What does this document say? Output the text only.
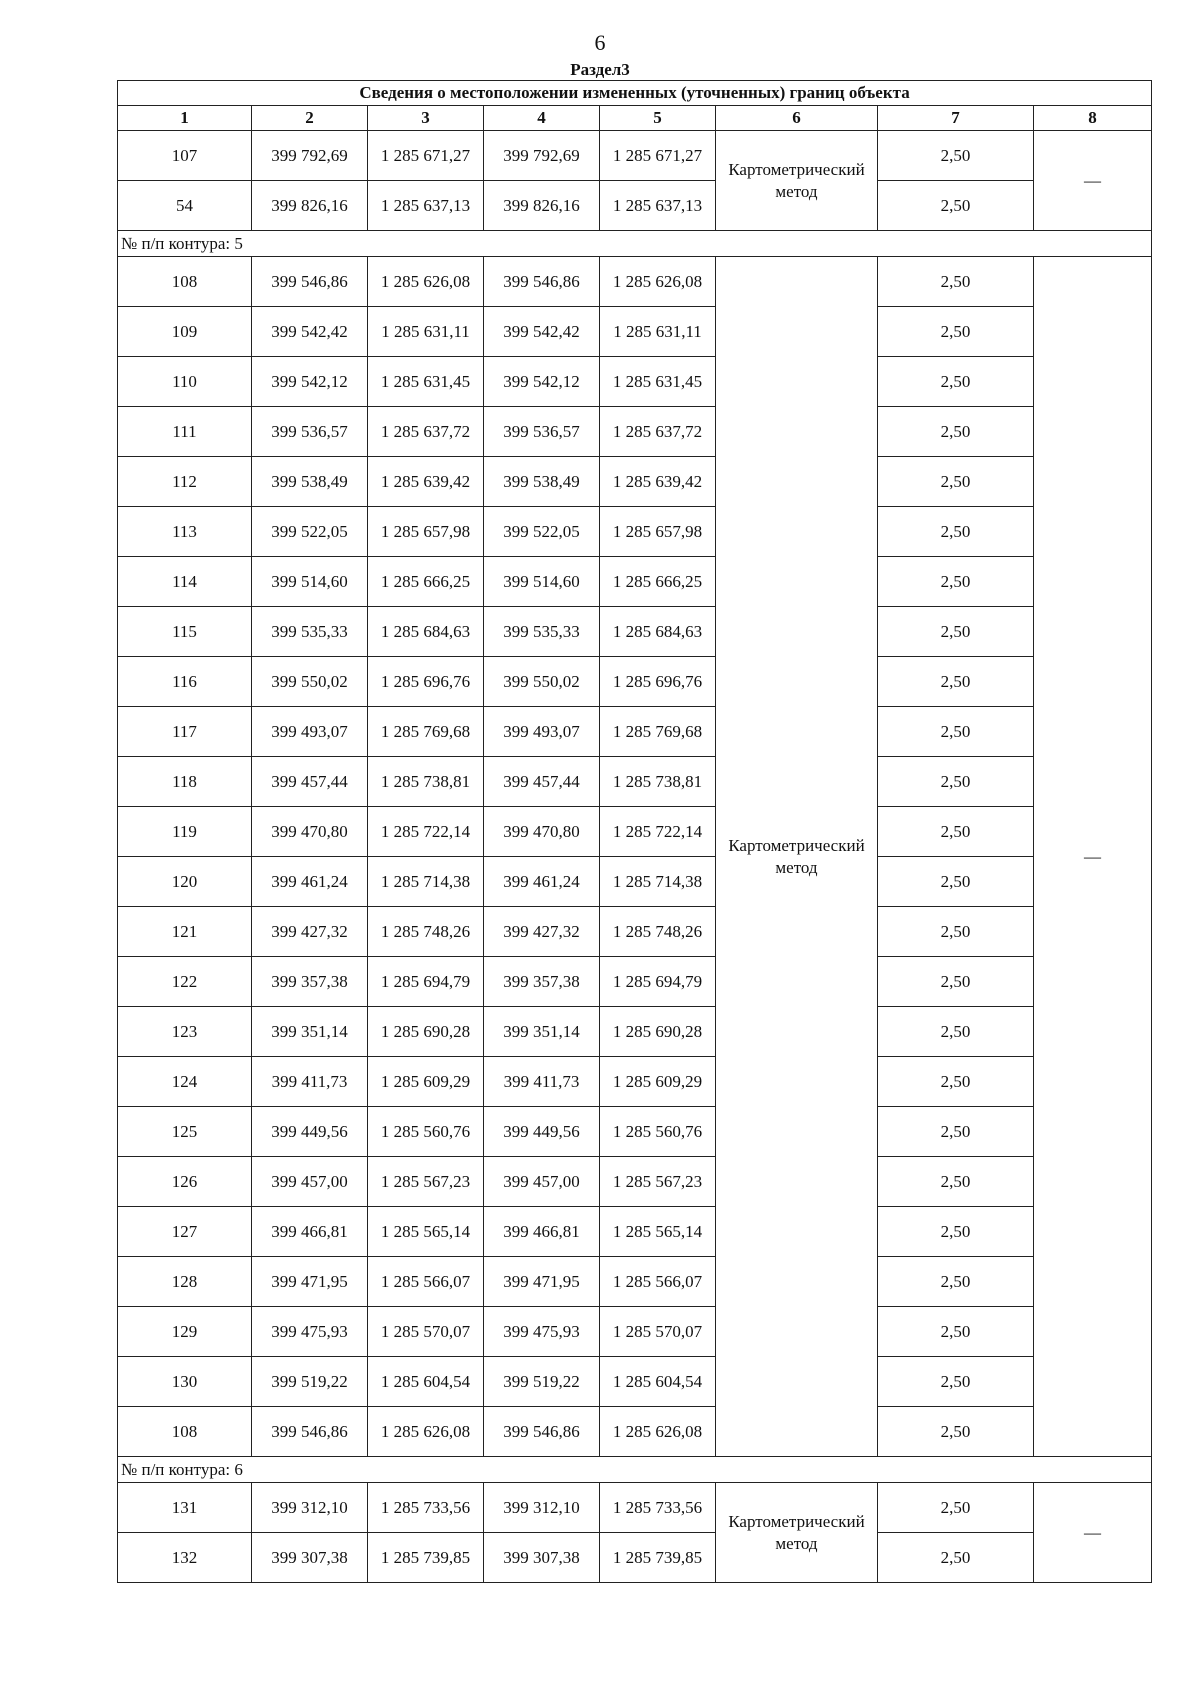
6
Раздел3
Сведения о местоположении измененных (уточненных) границ объекта							
1	2	3	4	5	6	7	8
107	399 792,69	1 285 671,27	399 792,69	1 285 671,27	Картометрический метод	2,50	—
54	399 826,16	1 285 637,13	399 826,16	1 285 637,13		2,50	
№ п/п контура: 5							
108	399 546,86	1 285 626,08	399 546,86	1 285 626,08	Картометрический метод	2,50	—
109	399 542,42	1 285 631,11	399 542,42	1 285 631,11		2,50	
110	399 542,12	1 285 631,45	399 542,12	1 285 631,45		2,50	
111	399 536,57	1 285 637,72	399 536,57	1 285 637,72		2,50	
112	399 538,49	1 285 639,42	399 538,49	1 285 639,42		2,50	
113	399 522,05	1 285 657,98	399 522,05	1 285 657,98		2,50	
114	399 514,60	1 285 666,25	399 514,60	1 285 666,25		2,50	
115	399 535,33	1 285 684,63	399 535,33	1 285 684,63		2,50	
116	399 550,02	1 285 696,76	399 550,02	1 285 696,76		2,50	
117	399 493,07	1 285 769,68	399 493,07	1 285 769,68		2,50	
118	399 457,44	1 285 738,81	399 457,44	1 285 738,81		2,50	
119	399 470,80	1 285 722,14	399 470,80	1 285 722,14		2,50	
120	399 461,24	1 285 714,38	399 461,24	1 285 714,38		2,50	
121	399 427,32	1 285 748,26	399 427,32	1 285 748,26		2,50	
122	399 357,38	1 285 694,79	399 357,38	1 285 694,79		2,50	
123	399 351,14	1 285 690,28	399 351,14	1 285 690,28		2,50	
124	399 411,73	1 285 609,29	399 411,73	1 285 609,29		2,50	
125	399 449,56	1 285 560,76	399 449,56	1 285 560,76		2,50	
126	399 457,00	1 285 567,23	399 457,00	1 285 567,23		2,50	
127	399 466,81	1 285 565,14	399 466,81	1 285 565,14		2,50	
128	399 471,95	1 285 566,07	399 471,95	1 285 566,07		2,50	
129	399 475,93	1 285 570,07	399 475,93	1 285 570,07		2,50	
130	399 519,22	1 285 604,54	399 519,22	1 285 604,54		2,50	
108	399 546,86	1 285 626,08	399 546,86	1 285 626,08		2,50	
№ п/п контура: 6							
131	399 312,10	1 285 733,56	399 312,10	1 285 733,56	Картометрический метод	2,50	—
132	399 307,38	1 285 739,85	399 307,38	1 285 739,85		2,50	
